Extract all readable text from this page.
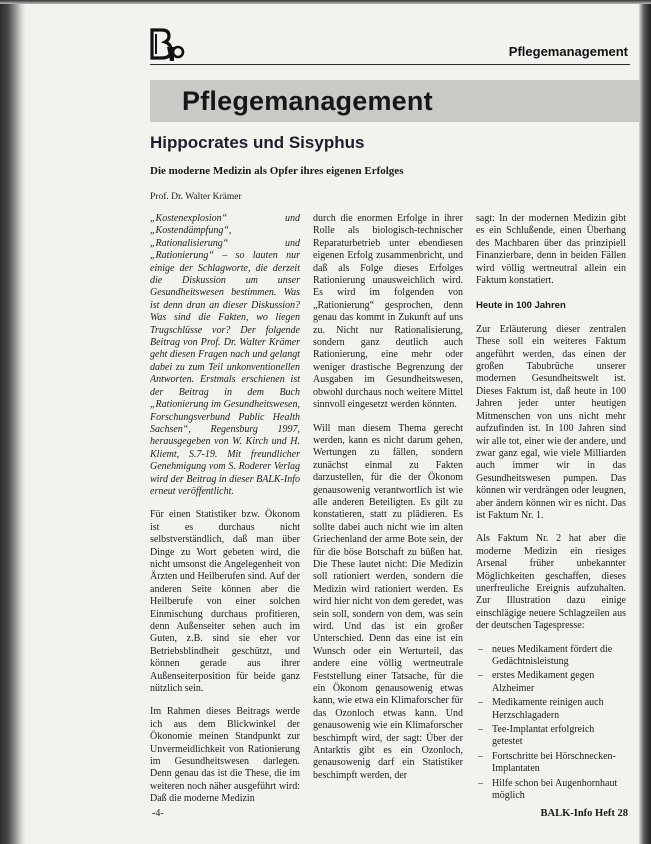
Pflegemanagement
Pflegemanagement
Hippocrates und Sisyphus
Die moderne Medizin als Opfer ihres eigenen Erfolges
Prof. Dr. Walter Krämer

„Kostenexplosion“ und „Kostendämpfung“, „Rationalisierung“ und „Rationierung“ – so lauten nur einige der Schlagworte, die derzeit die Diskussion um unser Gesundheitswesen bestimmen. Was ist denn dran an dieser Diskussion? Was sind die Fakten, wo liegen Trugschlüsse vor? Der folgende Beitrag von Prof. Dr. Walter Krämer geht diesen Fragen nach und gelangt dabei zu zum Teil unkonventionellen Antworten. Erstmals erschienen ist der Beitrag in dem Buch „Rationierung im Gesundheitswesen, Forschungsverbund Public Health Sachsen“, Regensburg 1997, herausgegeben von W. Kirch und H. Kliemt, S.7-19. Mit freundlicher Genehmigung vom S. Roderer Verlag wird der Beitrag in dieser BALK-Info erneut veröffentlicht.

Für einen Statistiker bzw. Ökonom ist es durchaus nicht selbstverständlich, daß man über Dinge zu Wort gebeten wird, die nicht umsonst die Angelegenheit von Ärzten und Heilberufen sind. Auf der anderen Seite können aber die Heilberufe von einer solchen Einmischung durchaus profitieren, denn Außenseiter sehen auch im Guten, z.B. sind sie eher vor Betriebsblindheit geschützt, und können gerade aus ihrer Außenseiterposition für beide ganz nützlich sein.

Im Rahmen dieses Beitrags werde ich aus dem Blickwinkel der Ökonomie meinen Standpunkt zur Unvermeidlichkeit von Rationierung im Gesundheitswesen darlegen. Denn genau das ist die These, die im weiteren noch näher ausgeführt wird: Daß die moderne Medizin

durch die enormen Erfolge in ihrer Rolle als biologisch-technischer Reparaturbetrieb unter ebendiesen eigenen Erfolg zusammenbricht, und daß als Folge dieses Erfolges Rationierung unausweichlich wird. Es wird im folgenden von „Rationierung“ gesprochen, denn genau das kommt in Zukunft auf uns zu. Nicht nur Rationalisierung, sondern ganz deutlich auch Rationierung, eine mehr oder weniger drastische Begrenzung der Ausgaben im Gesundheitswesen, obwohl durchaus noch weitere Mittel sinnvoll eingesetzt werden könnten.

Will man diesem Thema gerecht werden, kann es nicht darum gehen, Wertungen zu fällen, sondern zunächst einmal zu Fakten darzustellen, für die der Ökonom genausowenig verantwortlich ist wie alle anderen Beteiligten. Es gilt zu konstatieren, statt zu plädieren. Es sollte dabei auch nicht wie im alten Griechenland der arme Bote sein, der für die böse Botschaft zu büßen hat. Die These lautet nicht: Die Medizin soll rationiert werden, sondern die Medizin wird rationiert werden. Es wird hier nicht von dem geredet, was sein soll, sondern von dem, was sein wird. Und das ist ein großer Unterschied. Denn das eine ist ein Wunsch oder ein Werturteil, das andere eine völlig wertneutrale Feststellung einer Tatsache, für die ein Ökonom genausowenig etwas kann, wie etwa ein Klimaforscher für das Ozonloch etwas kann. Und genausowenig wie ein Klimaforscher beschimpft wird, der sagt: Über der Antarktis gibt es ein Ozonloch, genausowenig darf ein Statistiker beschimpft werden, der

sagt: In der modernen Medizin gibt es ein Schlußende, einen Überhang des Machbaren über das prinzipiell Finanzierbare, denn in beiden Fällen wird völlig wertneutral allein ein Faktum konstatiert.

Heute in 100 Jahren

Zur Erläuterung dieser zentralen These soll ein weiteres Faktum angeführt werden, das einen der großen Tabubrüche unserer modernen Gesundheitswelt ist. Dieses Faktum ist, daß heute in 100 Jahren jeder unter heutigen Mitmenschen von uns nicht mehr aufzufinden ist. In 100 Jahren sind wir alle tot, einer wie der andere, und zwar ganz egal, wie viele Milliarden auch immer wir in das Gesundheitswesen pumpen. Das können wir verdrängen oder leugnen, aber ändern können wir es nicht. Das ist Faktum Nr. 1.

Als Faktum Nr. 2 hat aber die moderne Medizin ein riesiges Arsenal früher unbekannter Möglichkeiten geschaffen, dieses unerfreuliche Ereignis aufzuhalten. Zur Illustration dazu einige einschlägige neuere Schlagzeilen aus der deutschen Tagespresse:

– neues Medikament fördert die Gedächtnisleistung
– erstes Medikament gegen Alzheimer
– Medikamente reinigen auch Herzschlagadern
– Tee-Implantat erfolgreich getestet
– Fortschritte bei Hörschnecken-Implantaten
– Hilfe schon bei Augenhornhaut möglich
-4-	BALK-Info Heft 28
